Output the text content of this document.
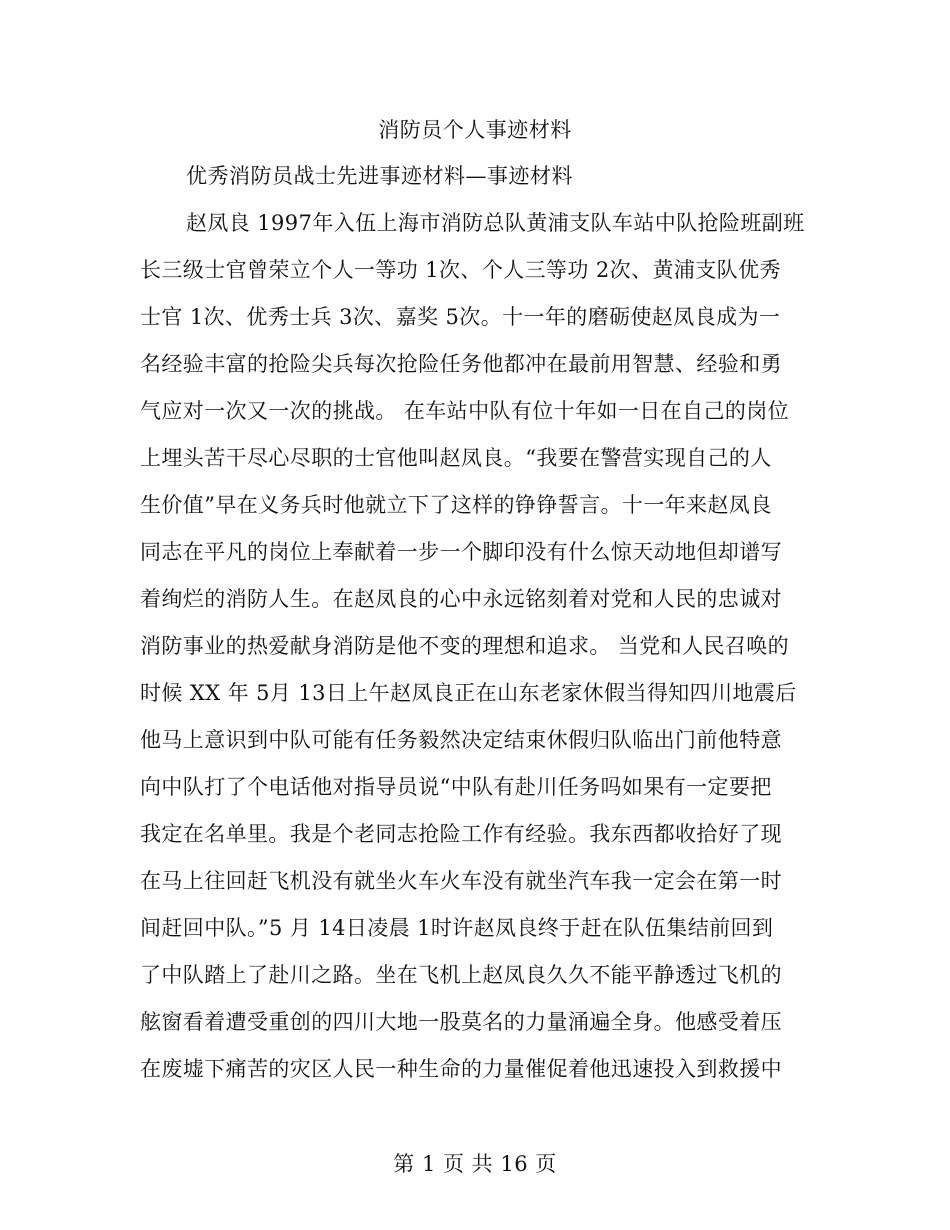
消防员个人事迹材料
优秀消防员战士先进事迹材料—事迹材料
赵凤良 1997年入伍上海市消防总队黄浦支队车站中队抢险班副班
长三级士官曾荣立个人一等功 1次、个人三等功 2次、黄浦支队优秀
士官 1次、优秀士兵 3次、嘉奖 5次。十一年的磨砺使赵凤良成为一
名经验丰富的抢险尖兵每次抢险任务他都冲在最前用智慧、经验和勇
气应对一次又一次的挑战。 在车站中队有位十年如一日在自己的岗位
上埋头苦干尽心尽职的士官他叫赵凤良。“我要在警营实现自己的人
生价值”早在义务兵时他就立下了这样的铮铮誓言。十一年来赵凤良
同志在平凡的岗位上奉献着一步一个脚印没有什么惊天动地但却谱写
着绚烂的消防人生。在赵凤良的心中永远铭刻着对党和人民的忠诚对
消防事业的热爱献身消防是他不变的理想和追求。 当党和人民召唤的
时候 XX 年 5月 13日上午赵凤良正在山东老家休假当得知四川地震后
他马上意识到中队可能有任务毅然决定结束休假归队临出门前他特意
向中队打了个电话他对指导员说“中队有赴川任务吗如果有一定要把
我定在名单里。我是个老同志抢险工作有经验。我东西都收拾好了现
在马上往回赶飞机没有就坐火车火车没有就坐汽车我一定会在第一时
间赶回中队。”5 月 14日凌晨 1时许赵凤良终于赶在队伍集结前回到
了中队踏上了赴川之路。坐在飞机上赵凤良久久不能平静透过飞机的
舷窗看着遭受重创的四川大地一股莫名的力量涌遍全身。他感受着压
在废墟下痛苦的灾区人民一种生命的力量催促着他迅速投入到救援中
第 1 页 共 16 页
